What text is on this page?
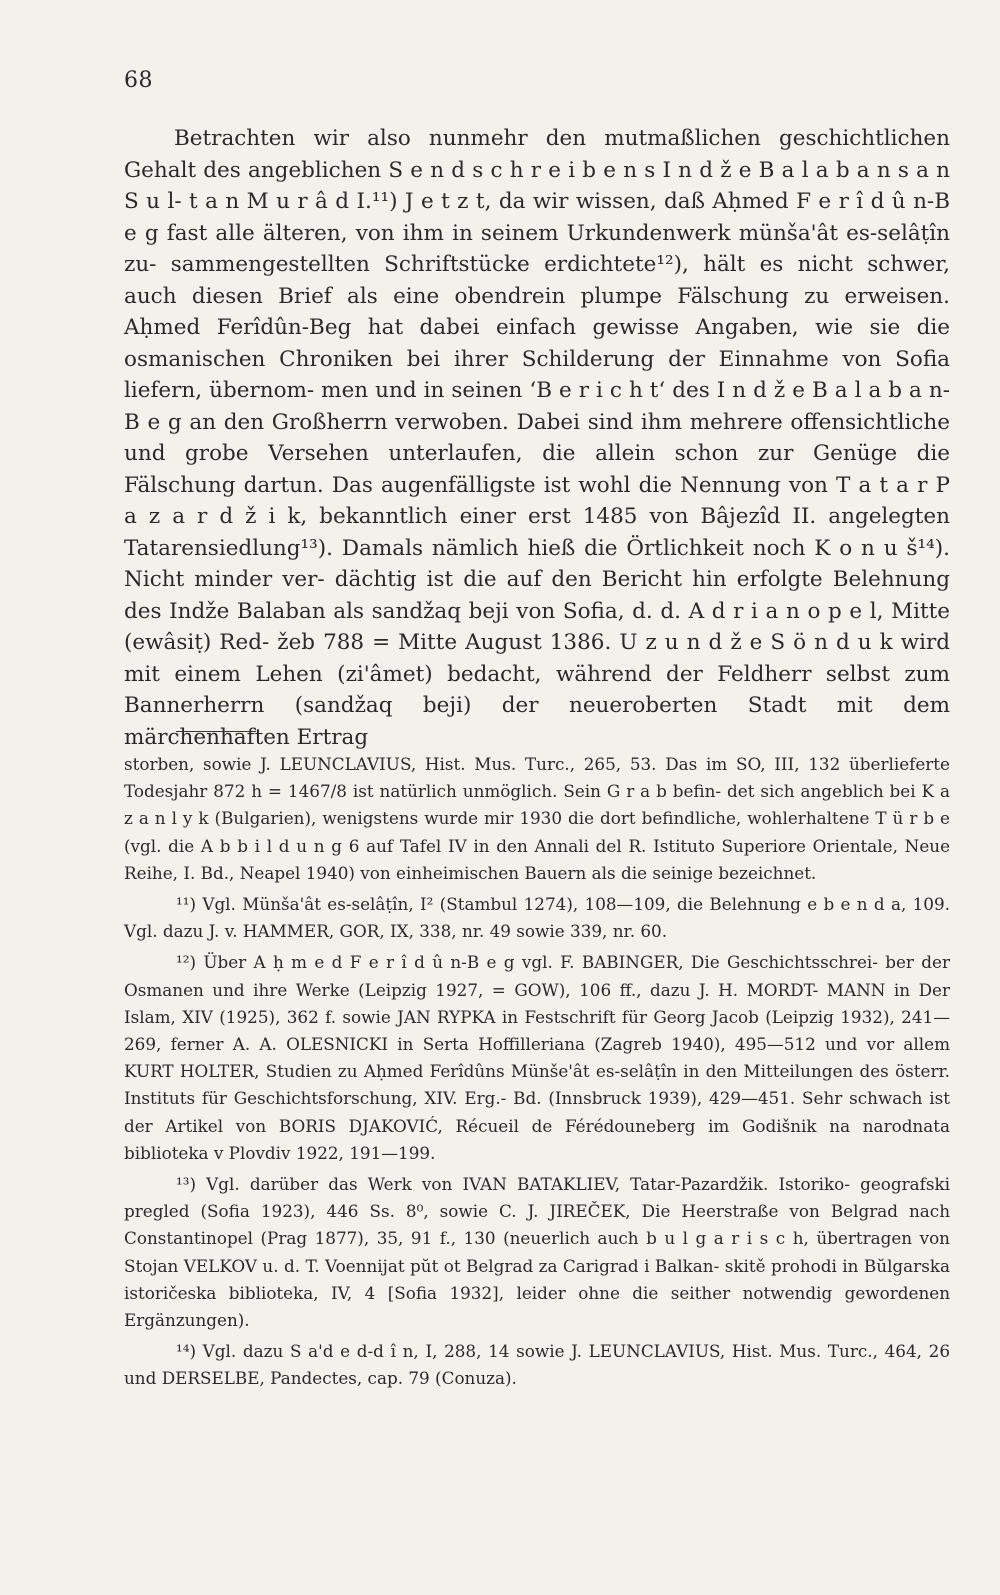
68

Betrachten wir also nunmehr den mutmaßlichen geschichtlichen Gehalt des angeblichen S e n d s c h r e i b e n s I n d ž e B a l a b a n s a n S u l- t a n M u r â d I.¹¹) J e t z t, da wir wissen, daß Aḥmed F e r î d û n-B e g fast alle älteren, von ihm in seinem Urkundenwerk münša'ât es-selâṭîn zu- sammengestellten Schriftstücke erdichtete¹²), hält es nicht schwer, auch diesen Brief als eine obendrein plumpe Fälschung zu erweisen. Aḥmed Ferîdûn-Beg hat dabei einfach gewisse Angaben, wie sie die osmanischen Chroniken bei ihrer Schilderung der Einnahme von Sofia liefern, übernom- men und in seinen ‘B e r i c h t‘ des I n d ž e B a l a b a n-B e g an den Großherrn verwoben. Dabei sind ihm mehrere offensichtliche und grobe Versehen unterlaufen, die allein schon zur Genüge die Fälschung dartun. Das augenfälligste ist wohl die Nennung von T a t a r P a z a r d ž i k, bekanntlich einer erst 1485 von Bâjezîd II. angelegten Tatarensiedlung¹³). Damals nämlich hieß die Örtlichkeit noch K o n u š¹⁴). Nicht minder ver- dächtig ist die auf den Bericht hin erfolgte Belehnung des Indže Balaban als sandžaq beji von Sofia, d. d. A d r i a n o p e l, Mitte (ewâsiṭ) Red- žeb 788 = Mitte August 1386. U z u n d ž e S ö n d u k wird mit einem Lehen (zi'âmet) bedacht, während der Feldherr selbst zum Bannerherrn (sandžaq beji) der neueroberten Stadt mit dem märchenhaften Ertrag

storben, sowie J. LEUNCLAVIUS, Hist. Mus. Turc., 265, 53. Das im SO, III, 132 überlieferte Todesjahr 872 h = 1467/8 ist natürlich unmöglich. Sein G r a b befin- det sich angeblich bei K a z a n l y k (Bulgarien), wenigstens wurde mir 1930 die dort befindliche, wohlerhaltene T ü r b e (vgl. die A b b i l d u n g 6 auf Tafel IV in den Annali del R. Istituto Superiore Orientale, Neue Reihe, I. Bd., Neapel 1940) von einheimischen Bauern als die seinige bezeichnet.

¹¹) Vgl. Münša'ât es-selâṭîn, I² (Stambul 1274), 108—109, die Belehnung e b e n d a, 109. Vgl. dazu J. v. HAMMER, GOR, IX, 338, nr. 49 sowie 339, nr. 60.

¹²) Über A ḥ m e d F e r î d û n-B e g vgl. F. BABINGER, Die Geschichtsschrei- ber der Osmanen und ihre Werke (Leipzig 1927, = GOW), 106 ff., dazu J. H. MORDT- MANN in Der Islam, XIV (1925), 362 f. sowie JAN RYPKA in Festschrift für Georg Jacob (Leipzig 1932), 241—269, ferner A. A. OLESNICKI in Serta Hoffilleriana (Zagreb 1940), 495—512 und vor allem KURT HOLTER, Studien zu Aḥmed Ferîdûns Münše'ât es-selâṭîn in den Mitteilungen des österr. Instituts für Geschichtsforschung, XIV. Erg.- Bd. (Innsbruck 1939), 429—451. Sehr schwach ist der Artikel von BORIS DJAKOVIĆ, Récueil de Férédouneberg im Godišnik na narodnata biblioteka v Plovdiv 1922, 191—199.

¹³) Vgl. darüber das Werk von IVAN BATAKLIEV, Tatar-Pazardžik. Istoriko- geografski pregled (Sofia 1923), 446 Ss. 8⁰, sowie C. J. JIREČEK, Die Heerstraße von Belgrad nach Constantinopel (Prag 1877), 35, 91 f., 130 (neuerlich auch b u l g a r i s c h, übertragen von Stojan VELKOV u. d. T. Voennijat pŭt ot Belgrad za Carigrad i Balkan- skitě prohodi in Bŭlgarska istoričeska biblioteka, IV, 4 [Sofia 1932], leider ohne die seither notwendig gewordenen Ergänzungen).

¹⁴) Vgl. dazu S a'd e d-d î n, I, 288, 14 sowie J. LEUNCLAVIUS, Hist. Mus. Turc., 464, 26 und DERSELBE, Pandectes, cap. 79 (Conuza).
